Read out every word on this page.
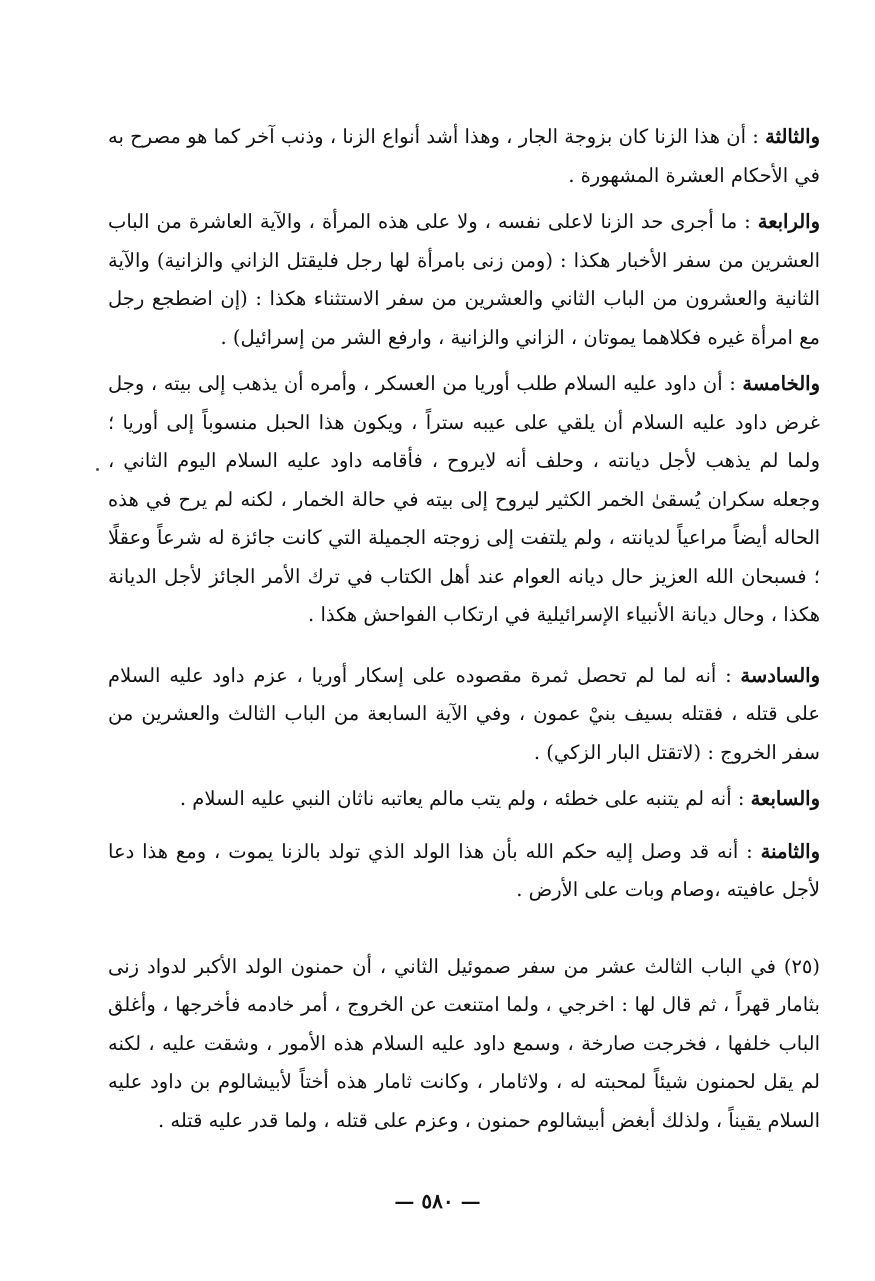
والثالثة : أن هذا الزنا كان بزوجة الجار ، وهذا أشد أنواع الزنا ، وذنب آخر كما هو مصرح به في الأحكام العشرة المشهورة .

والرابعة : ما أجرى حد الزنا لاعلى نفسه ، ولا على هذه المرأة ، والآية العاشرة من الباب العشرين من سفر الأخبار هكذا : (ومن زنى بامرأة لها رجل فليقتل الزاني والزانية) والآية الثانية والعشرون من الباب الثاني والعشرين من سفر الاستثناء هكذا : (إن اضطجع رجل مع امرأة غيره فكلاهما يموتان ، الزاني والزانية ، وارفع الشر من إسرائيل) .

والخامسة : أن داود عليه السلام طلب أوريا من العسكر ، وأمره أن يذهب إلى بيته ، وجل غرض داود عليه السلام أن يلقي على عيبه ستراً ، ويكون هذا الحبل منسوباً إلى أوريا ؛ ولما لم يذهب لأجل ديانته ، وحلف أنه لايروح ، فأقامه داود عليه السلام اليوم الثاني ، وجعله سكران يُسقىٰ الخمر الكثير ليروح إلى بيته في حالة الخمار ، لكنه لم يرح في هذه الحاله أيضاً مراعياً لديانته ، ولم يلتفت إلى زوجته الجميلة التي كانت جائزة له شرعاً وعقلًا ؛ فسبحان الله العزيز حال ديانه العوام عند أهل الكتاب في ترك الأمر الجائز لأجل الديانة هكذا ، وحال ديانة الأنبياء الإسرائيلية في ارتكاب الفواحش هكذا .

والسادسة : أنه لما لم تحصل ثمرة مقصوده على إسكار أوريا ، عزم داود عليه السلام على قتله ، فقتله بسيف بنيْ عمون ، وفي الآية السابعة من الباب الثالث والعشرين من سفر الخروج : (لاتقتل البار الزكي) .

والسابعة : أنه لم يتنبه على خطئه ، ولم يتب مالم يعاتبه ناثان النبي عليه السلام .

والثامنة : أنه قد وصل إليه حكم الله بأن هذا الولد الذي تولد بالزنا يموت ، ومع هذا دعا لأجل عافيته ،وصام وبات على الأرض .

(٢٥) في الباب الثالث عشر من سفر صموئيل الثاني ، أن حمنون الولد الأكبر لدواد زنى بثامار قهراً ، ثم قال لها : اخرجي ، ولما امتنعت عن الخروج ، أمر خادمه فأخرجها ، وأغلق الباب خلفها ، فخرجت صارخة ، وسمع داود عليه السلام هذه الأمور ، وشقت عليه ، لكنه لم يقل لحمنون شيئاً لمحبته له ، ولاثامار ، وكانت ثامار هذه أختاً لأبيشالوم بن داود عليه السلام يقيناً ، ولذلك أبغض أبيشالوم حمنون ، وعزم على قتله ، ولما قدر عليه قتله .

— ٥٨٠ —
